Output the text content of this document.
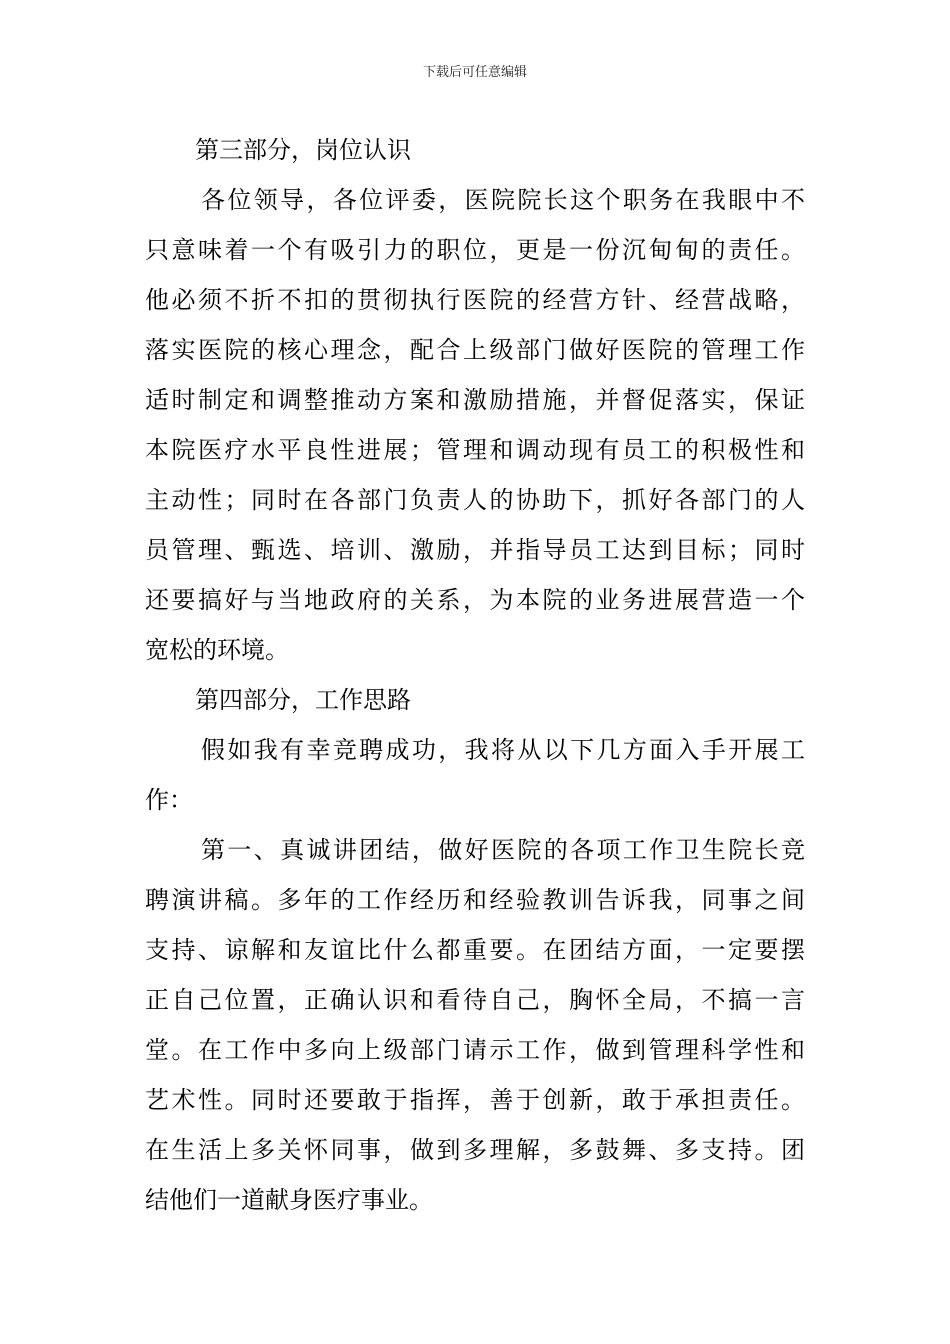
下载后可任意编辑

第三部分，岗位认识

各位领导，各位评委，医院院长这个职务在我眼中不
只意味着一个有吸引力的职位，更是一份沉甸甸的责任。
他必须不折不扣的贯彻执行医院的经营方针、经营战略，
落实医院的核心理念，配合上级部门做好医院的管理工作
适时制定和调整推动方案和激励措施，并督促落实，保证
本院医疗水平良性进展；管理和调动现有员工的积极性和
主动性；同时在各部门负责人的协助下，抓好各部门的人
员管理、甄选、培训、激励，并指导员工达到目标；同时
还要搞好与当地政府的关系，为本院的业务进展营造一个
宽松的环境。

第四部分，工作思路

假如我有幸竞聘成功，我将从以下几方面入手开展工
作：
第一、真诚讲团结，做好医院的各项工作卫生院长竞
聘演讲稿。多年的工作经历和经验教训告诉我，同事之间
支持、谅解和友谊比什么都重要。在团结方面，一定要摆
正自己位置，正确认识和看待自己，胸怀全局，不搞一言
堂。在工作中多向上级部门请示工作，做到管理科学性和
艺术性。同时还要敢于指挥，善于创新，敢于承担责任。
在生活上多关怀同事，做到多理解，多鼓舞、多支持。团
结他们一道献身医疗事业。
